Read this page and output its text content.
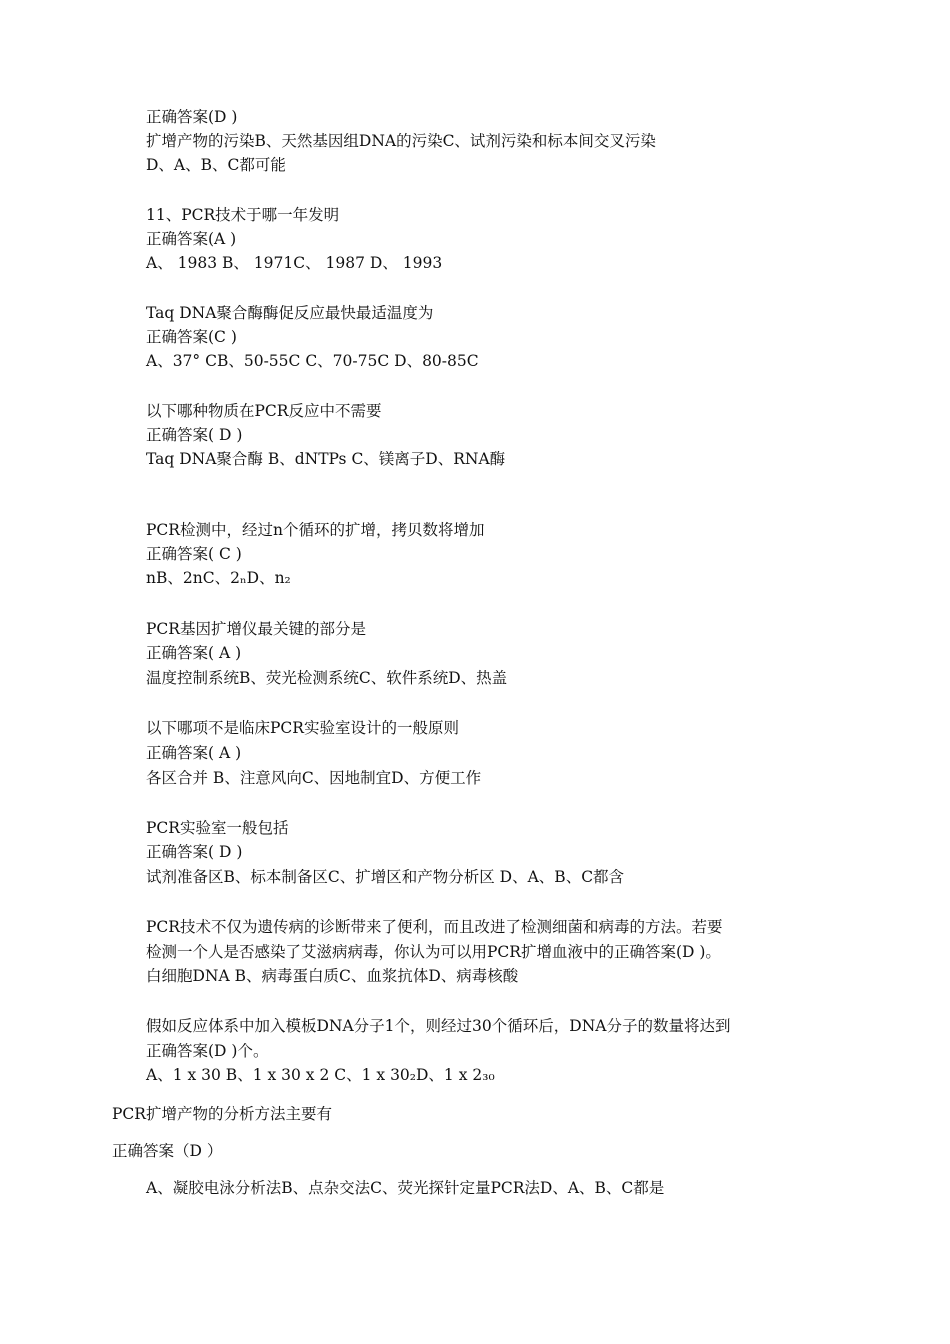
正确答案(D )
扩增产物的污染B、天然基因组DNA的污染C、试剂污染和标本间交叉污染
D、A、B、C都可能
11、PCR技术于哪一年发明
正确答案(A )
A、 1983 B、 1971C、 1987 D、 1993
Taq DNA聚合酶酶促反应最快最适温度为
正确答案(C )
A、37° CB、50-55C C、70-75C D、80-85C
以下哪种物质在PCR反应中不需要
正确答案( D )
Taq DNA聚合酶 B、dNTPs C、镁离子D、RNA酶
PCR检测中，经过n个循环的扩增，拷贝数将增加
正确答案( C )
nB、2nC、2ₙD、n₂
PCR基因扩增仪最关键的部分是
正确答案( A )
温度控制系统B、荧光检测系统C、软件系统D、热盖
以下哪项不是临床PCR实验室设计的一般原则
正确答案( A )
各区合并 B、注意风向C、因地制宜D、方便工作
PCR实验室一般包括
正确答案( D )
试剂准备区B、标本制备区C、扩增区和产物分析区 D、A、B、C都含
PCR技术不仅为遗传病的诊断带来了便利，而且改进了检测细菌和病毒的方法。若要
检测一个人是否感染了艾滋病病毒，你认为可以用PCR扩增血液中的正确答案(D )。
白细胞DNA B、病毒蛋白质C、血浆抗体D、病毒核酸
假如反应体系中加入模板DNA分子1个，则经过30个循环后，DNA分子的数量将达到
正确答案(D )个。
A、1 x 30 B、1 x 30 x 2 C、1 x 30₂D、1 x 2₃₀
PCR扩增产物的分析方法主要有
正确答案（D ）
A、凝胶电泳分析法B、点杂交法C、荧光探针定量PCR法D、A、B、C都是
